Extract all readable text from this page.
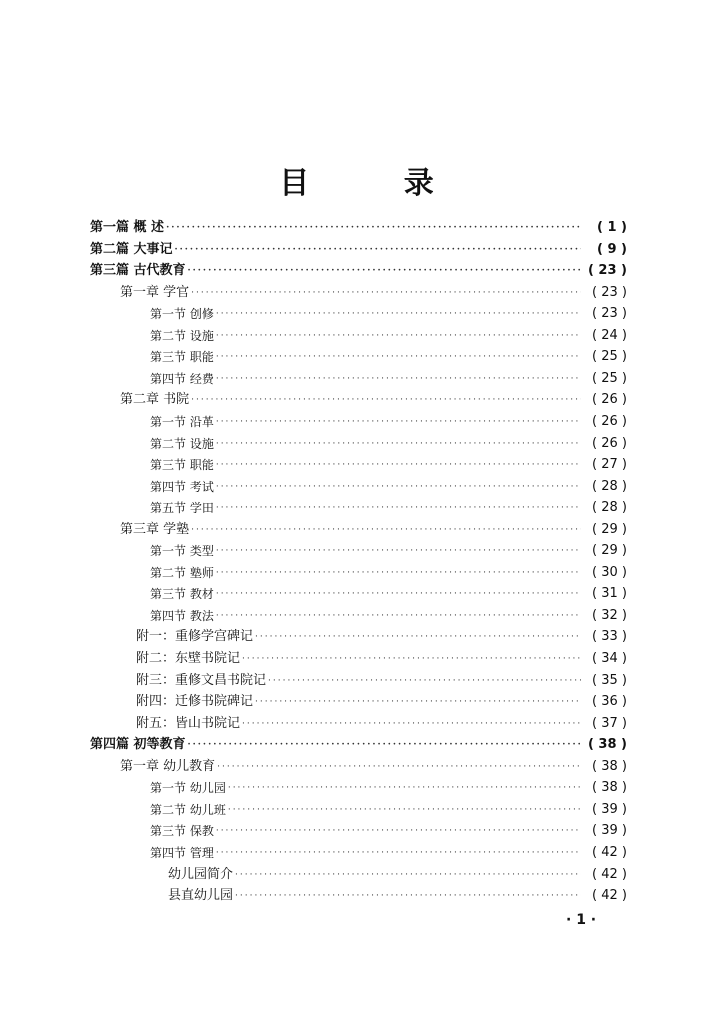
目 录
第一篇 概 述 ·····	( 1 )
第二篇 大事记 ·····	( 9 )
第三篇 古代教育 ·····	( 23 )
第一章 学官 ·····	( 23 )
第一节 创修 ·····	( 23 )
第二节 设施 ·····	( 24 )
第三节 职能 ·····	( 25 )
第四节 经费 ·····	( 25 )
第二章 书院 ·····	( 26 )
第一节 沿革 ·····	( 26 )
第二节 设施 ·····	( 26 )
第三节 职能 ·····	( 27 )
第四节 考试 ·····	( 28 )
第五节 学田 ·····	( 28 )
第三章 学塾 ·····	( 29 )
第一节 类型 ·····	( 29 )
第二节 塾师 ·····	( 30 )
第三节 教材 ·····	( 31 )
第四节 教法 ·····	( 32 )
附一：重修学宫碑记 ·····	( 33 )
附二：东壁书院记 ·····	( 34 )
附三：重修文昌书院记 ·····	( 35 )
附四：迁修书院碑记 ·····	( 36 )
附五：皆山书院记 ·····	( 37 )
第四篇 初等教育 ·····	( 38 )
第一章 幼儿教育 ·····	( 38 )
第一节 幼儿园 ·····	( 38 )
第二节 幼儿班 ·····	( 39 )
第三节 保教 ·····	( 39 )
第四节 管理 ·····	( 42 )
幼儿园简介 ·····	( 42 )
县直幼儿园 ·····	( 42 )
· 1 ·
